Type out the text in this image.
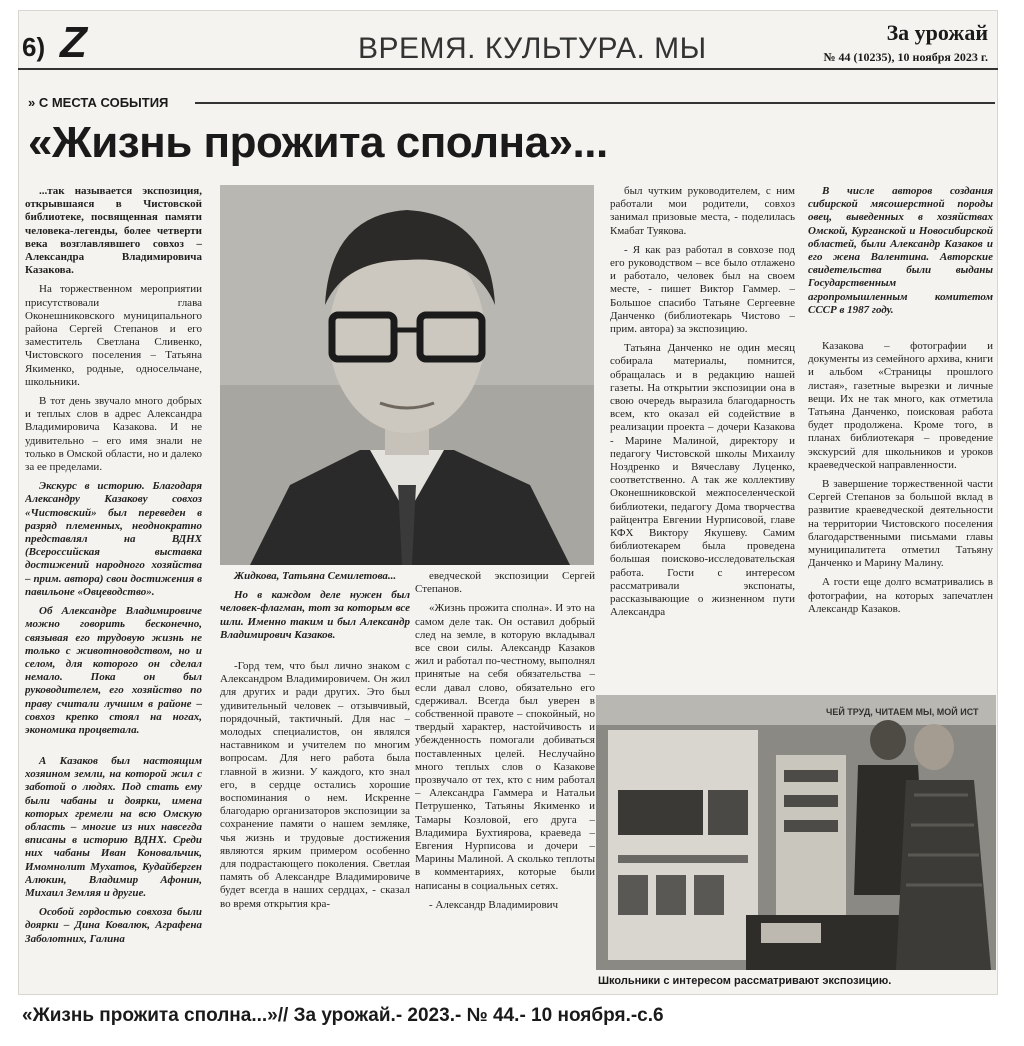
6) Z	ВРЕМЯ. КУЛЬТУРА. МЫ	За урожай
№ 44 (10235), 10 ноября 2023 г.
» С МЕСТА СОБЫТИЯ
«Жизнь прожита сполна»...

...так называется экспозиция, открывшаяся в Чистовской библиотеке, посвященная памяти человека-легенды, более четверти века возглавлявшего совхоз – Александра Владимировича Казакова.

На торжественном мероприятии присутствовали глава Оконешниковского муниципального района Сергей Степанов и его заместитель Светлана Сливенко, Чистовского поселения – Татьяна Якименко, родные, односельчане, школьники.

В тот день звучало много добрых и теплых слов в адрес Александра Владимировича Казакова. И не удивительно – его имя знали не только в Омской области, но и далеко за ее пределами.

Экскурс в историю. Благодаря Александру Казакову совхоз «Чистовский» был переведен в разряд племенных, неоднократно представлял на ВДНХ (Всероссийская выставка достижений народного хозяйства – прим. автора) свои достижения в павильоне «Овцеводство».

Об Александре Владимировиче можно говорить бесконечно, связывая его трудовую жизнь не только с животноводством, но и селом, для которого он сделал немало. Пока он был руководителем, его хозяйство по праву считали лучшим в районе – совхоз крепко стоял на ногах, экономика процветала.

А Казаков был настоящим хозяином земли, на которой жил с заботой о людях. Под стать ему были чабаны и доярки, имена которых гремели на всю Омскую область – многие из них навсегда вписаны в историю ВДНХ. Среди них чабаны Иван Коновальчик, Имомнолит Мухатов, Кудайберген Алюкин, Владимир Афонин, Михаил Земляя и другие.

Особой гордостью совхоза были доярки – Дина Ковалюк, Аграфена Заболотних, Галина

Жидкова, Татьяна Семилетова...

Но в каждом деле нужен был человек-флагман, тот за которым все шли. Именно таким и был Александр Владимирович Казаков.

-Горд тем, что был лично знаком с Александром Владимировичем. Он жил для других и ради других. Это был удивительный человек – отзывчивый, порядочный, тактичный. Для нас – молодых специалистов, он являлся наставником и учителем по многим вопросам. Для него работа была главной в жизни. У каждого, кто знал его, в сердце остались хорошие воспоминания о нем. Искренне благодарю организаторов экспозиции за сохранение памяти о нашем земляке, чья жизнь и трудовые достижения являются ярким примером особенно для подрастающего поколения. Светлая память об Александре Владимировиче будет всегда в наших сердцах, - сказал во время открытия кра-

еведческой экспозиции Сергей Степанов.

«Жизнь прожита сполна». И это на самом деле так. Он оставил добрый след на земле, в которую вкладывал все свои силы. Александр Казаков жил и работал по-честному, выполнял принятые на себя обязательства – если давал слово, обязательно его сдерживал. Всегда был уверен в собственной правоте – спокойный, но твердый характер, настойчивость и убежденность помогали добиваться поставленных целей. Неслучайно много теплых слов о Казакове прозвучало от тех, кто с ним работал – Александра Гаммера и Натальи Петрушенко, Татьяны Якименко и Тамары Козловой, его друга – Владимира Бухтиярова, краеведа – Евгения Нурписова и дочери – Марины Малиной. А сколько теплоты в комментариях, которые были написаны в социальных сетях.

- Александр Владимирович

был чутким руководителем, с ним работали мои родители, совхоз занимал призовые места, - поделилась Кмабат Туякова.

- Я как раз работал в совхозе под его руководством – все было отлажено и работало, человек был на своем месте, - пишет Виктор Гаммер. – Большое спасибо Татьяне Сергеевне Данченко (библиотекарь Чистово – прим. автора) за экспозицию.

Татьяна Данченко не один месяц собирала материалы, помнится, обращалась и в редакцию нашей газеты. На открытии экспозиции она в свою очередь выразила благодарность всем, кто оказал ей содействие в реализации проекта – дочери Казакова - Марине Малиной, директору и педагогу Чистовской школы Михаилу Ноздренко и Вячеславу Луценко, соответственно. А так же коллективу Оконешниковской межпоселенческой библиотеки, педагогу Дома творчества райцентра Евгении Нурписовой, главе КФХ Виктору Якушеву. Самим библиотекарем была проведена большая поисково-исследовательская работа. Гости с интересом рассматривали экспонаты, рассказывающие о жизненном пути Александра

В числе авторов создания сибирской мясошерстной породы овец, выведенных в хозяйствах Омской, Курганской и Новосибирской областей, были Александр Казаков и его жена Валентина. Авторские свидетельства были выданы Государственным агропромышленным комитетом СССР в 1987 году.

Казакова – фотографии и документы из семейного архива, книги и альбом «Страницы прошлого листая», газетные вырезки и личные вещи. Их не так много, как отметила Татьяна Данченко, поисковая работа будет продолжена. Кроме того, в планах библиотекаря – проведение экскурсий для школьников и уроков краеведческой направленности.

В завершение торжественной части Сергей Степанов за большой вклад в развитие краеведческой деятельности на территории Чистовского поселения благодарственными письмами главы муниципалитета отметил Татьяну Данченко и Марину Малину.

А гости еще долго всматривались в фотографии, на которых запечатлен Александр Казаков.

ЧЕЙ ТРУД, ЧИТАЕМ МЫ, МОЙ ИСТ
Школьники с интересом рассматривают экспозицию.
«Жизнь прожита сполна...»// За урожай.- 2023.- № 44.- 10 ноября.-с.6
